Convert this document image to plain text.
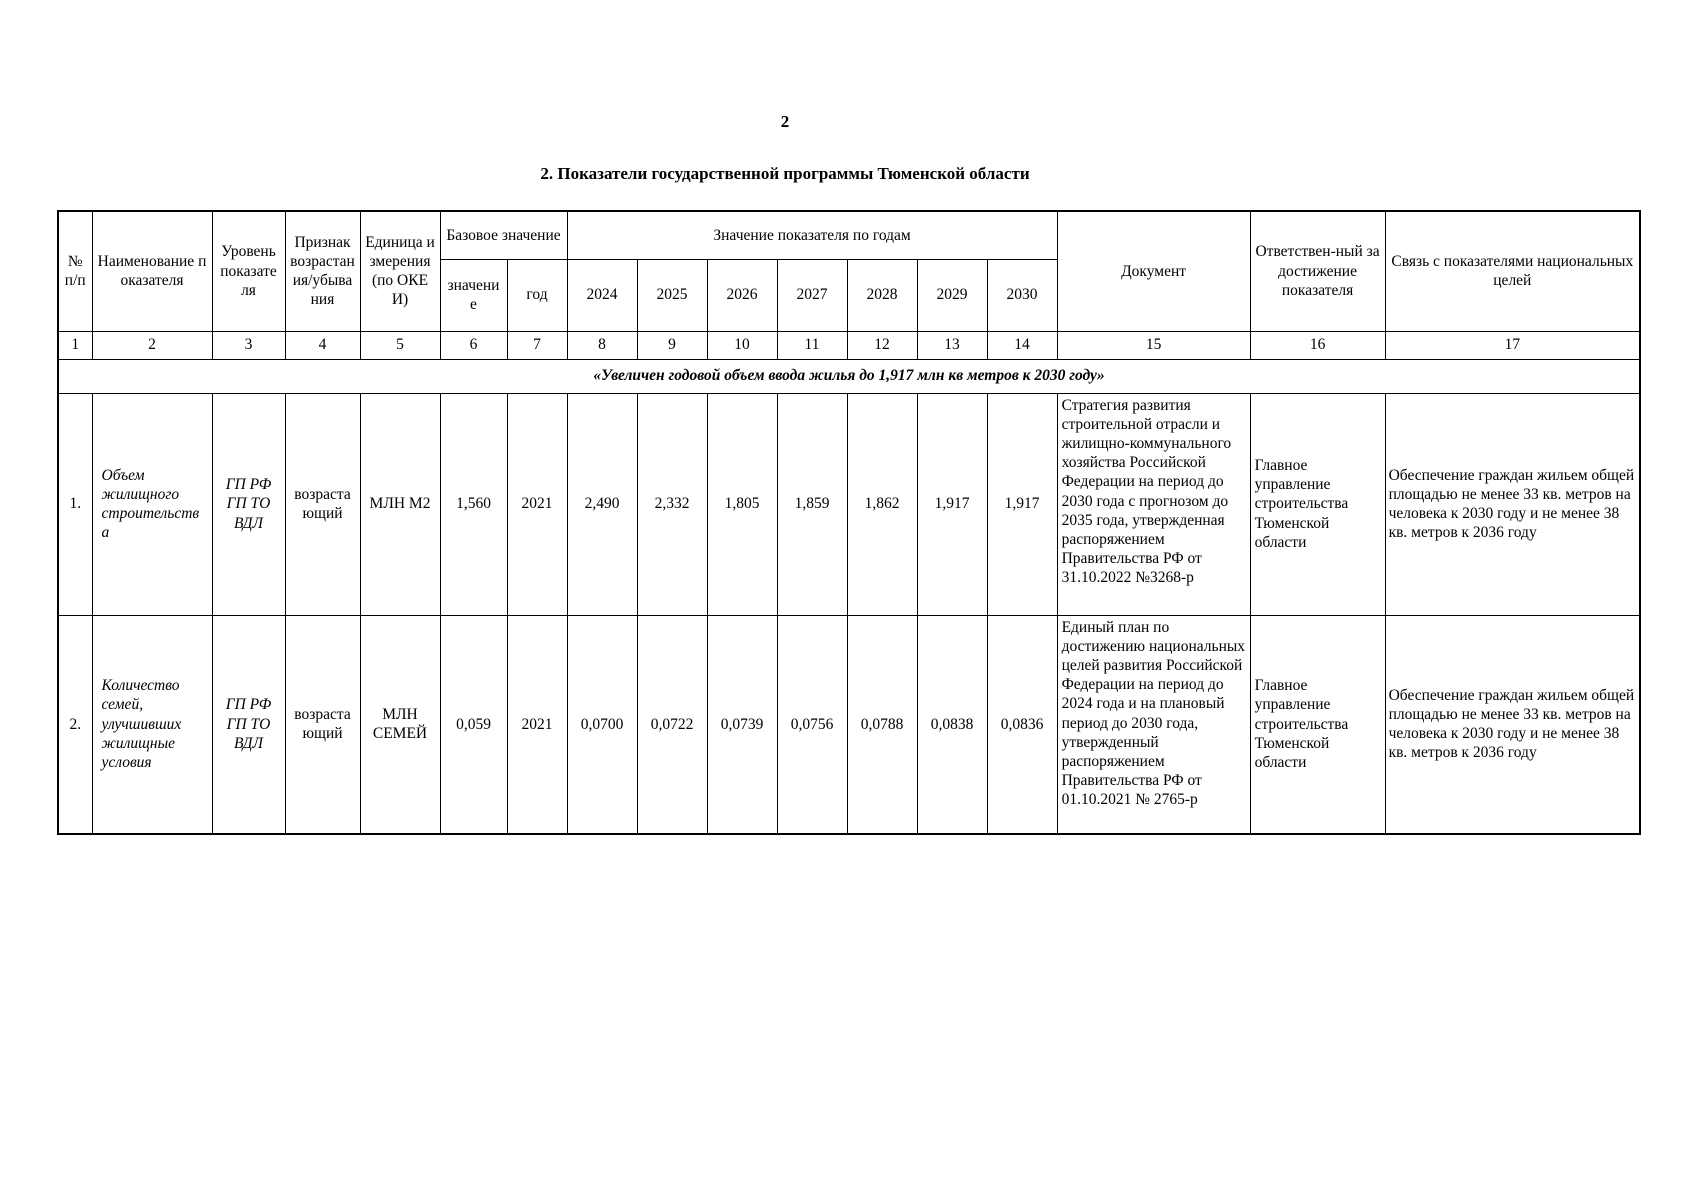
2
2. Показатели государственной программы Тюменской области
№ п/п	Наименование показателя	Уровень показателя	Признак возрастания/убывания	Единица измерения (по ОКЕИ)	Базовое значение		Значение показателя по годам							Документ	Ответствен-ный за достижение показателя	Связь с показателями национальных целей
					значение	год	2024	2025	2026	2027	2028	2029	2030			
1	2	3	4	5	6	7	8	9	10	11	12	13	14	15	16	17
«Увеличен годовой объем ввода жилья до 1,917 млн кв метров к 2030 году»																
1.	Объем жилищного строительства	ГП РФ ГП ТО ВДЛ	возрастающий	МЛН М2	1,560	2021	2,490	2,332	1,805	1,859	1,862	1,917	1,917	Стратегия развития строительной отрасли и жилищно-коммунального хозяйства Российской Федерации на период до 2030 года с прогнозом до 2035 года, утвержденная распоряжением Правительства РФ от 31.10.2022 №3268-р	Главное управление строительства Тюменской области	Обеспечение граждан жильем общей площадью не менее 33 кв. метров на человека к 2030 году и не менее 38 кв. метров к 2036 году
2.	Количество семей, улучшивших жилищные условия	ГП РФ ГП ТО ВДЛ	возрастающий	МЛН СЕМЕЙ	0,059	2021	0,0700	0,0722	0,0739	0,0756	0,0788	0,0838	0,0836	Единый план по достижению национальных целей развития Российской Федерации на период до 2024 года и на плановый период до 2030 года, утвержденный распоряжением Правительства РФ от 01.10.2021 № 2765-р	Главное управление строительства Тюменской области	Обеспечение граждан жильем общей площадью не менее 33 кв. метров на человека к 2030 году и не менее 38 кв. метров к 2036 году
